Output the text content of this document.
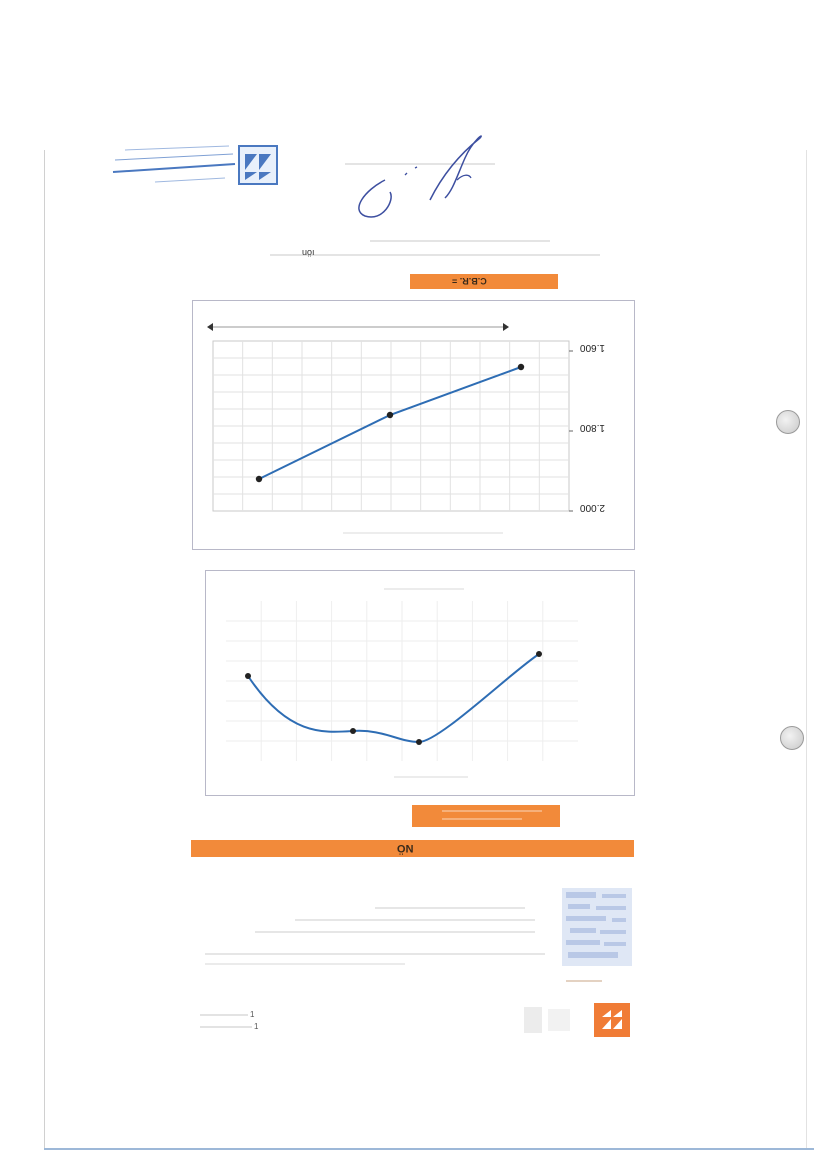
ıön
C.B.R. =
1.600
1.800
2.000
NÖ
1
1
